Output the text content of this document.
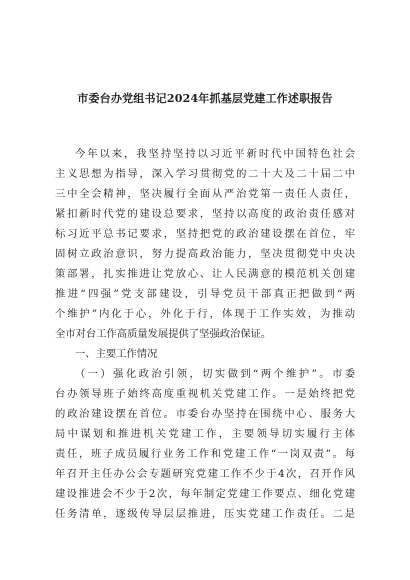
市委台办党组书记2024年抓基层党建工作述职报告
今年以来，我坚持坚持以习近平新时代中国特色社会
主义思想为指导，深入学习贯彻党的二十大及二十届二中
三中全会精神，坚决履行全面从严治党第一责任人责任，
紧扣新时代党的建设总要求，坚持以高度的政治责任感对
标习近平总书记要求，坚持把党的政治建设摆在首位，牢
固树立政治意识，努力提高政治能力，坚决贯彻党中央决
策部署，扎实推进让党放心、让人民满意的模范机关创建
推进“四强”党支部建设，引导党员干部真正把做到“两
个维护”内化于心，外化于行，体现于工作实效，为推动
全市对台工作高质量发展提供了坚强政治保证。
一、主要工作情况
（一）强化政治引领，切实做到“两个维护”。市委
台办领导班子始终高度重视机关党建工作。一是始终把党
的政治建设摆在首位。市委台办坚持在围绕中心、服务大
局中谋划和推进机关党建工作，主要领导切实履行主体
责任，班子成员履行业务工作和党建工作“一岗双责”。每
年召开主任办公会专题研究党建工作不少于4次，召开作风
建设推进会不少于2次，每年制定党建工作要点、细化党建
任务清单，逐级传导层层推进，压实党建工作责任。二是
